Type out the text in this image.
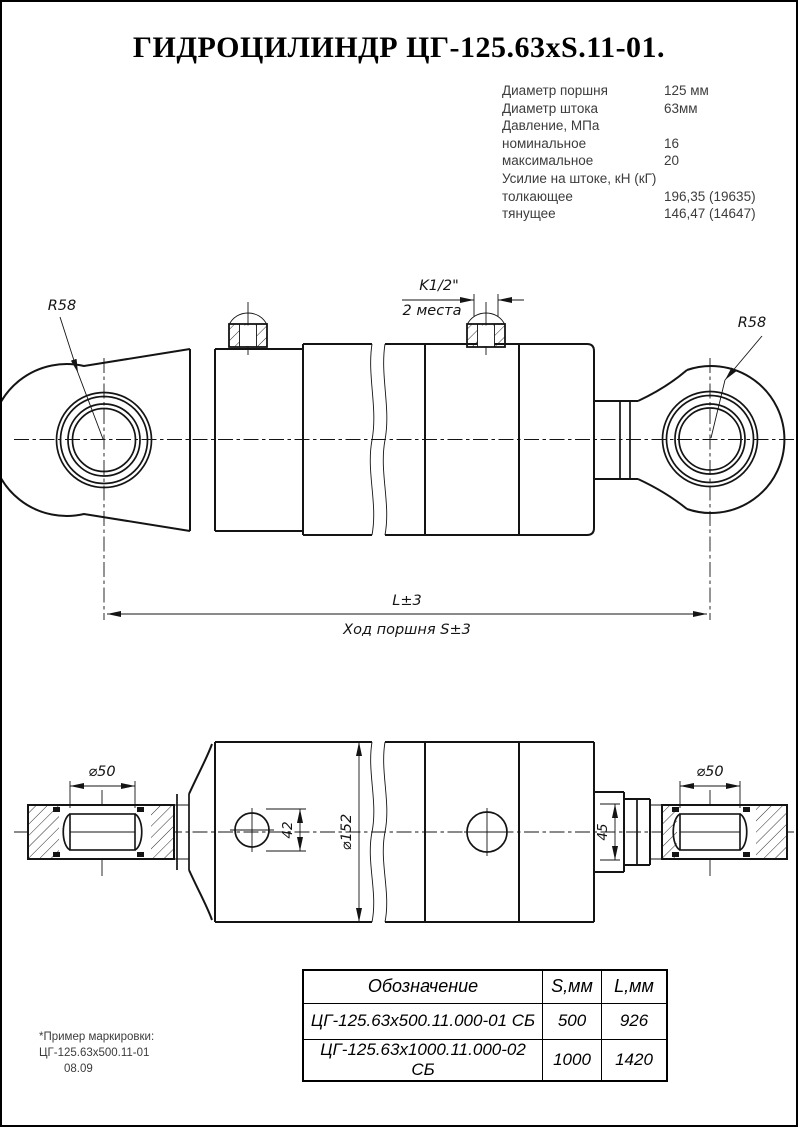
K1/2"
2 места
R58
R58
L±3
Ход поршня S±3
⌀50
⌀152
42	45
⌀50
ГИДРОЦИЛИНДР ЦГ-125.63xS.11-01.
Диаметр поршня	125 мм
Диаметр штока	63мм
Давление, МПа
номинальное	16
максимальное	20
Усилие на штоке, кН (кГ)
толкающее	196,35 (19635)
тянущее	146,47 (14647)
Обозначение	S,мм	L,мм
ЦГ-125.63x500.11.000-01 СБ	500	926
ЦГ-125.63x1000.11.000-02 СБ	1000	1420
*Пример маркировки:
ЦГ-125.63х500.11-01
08.09
